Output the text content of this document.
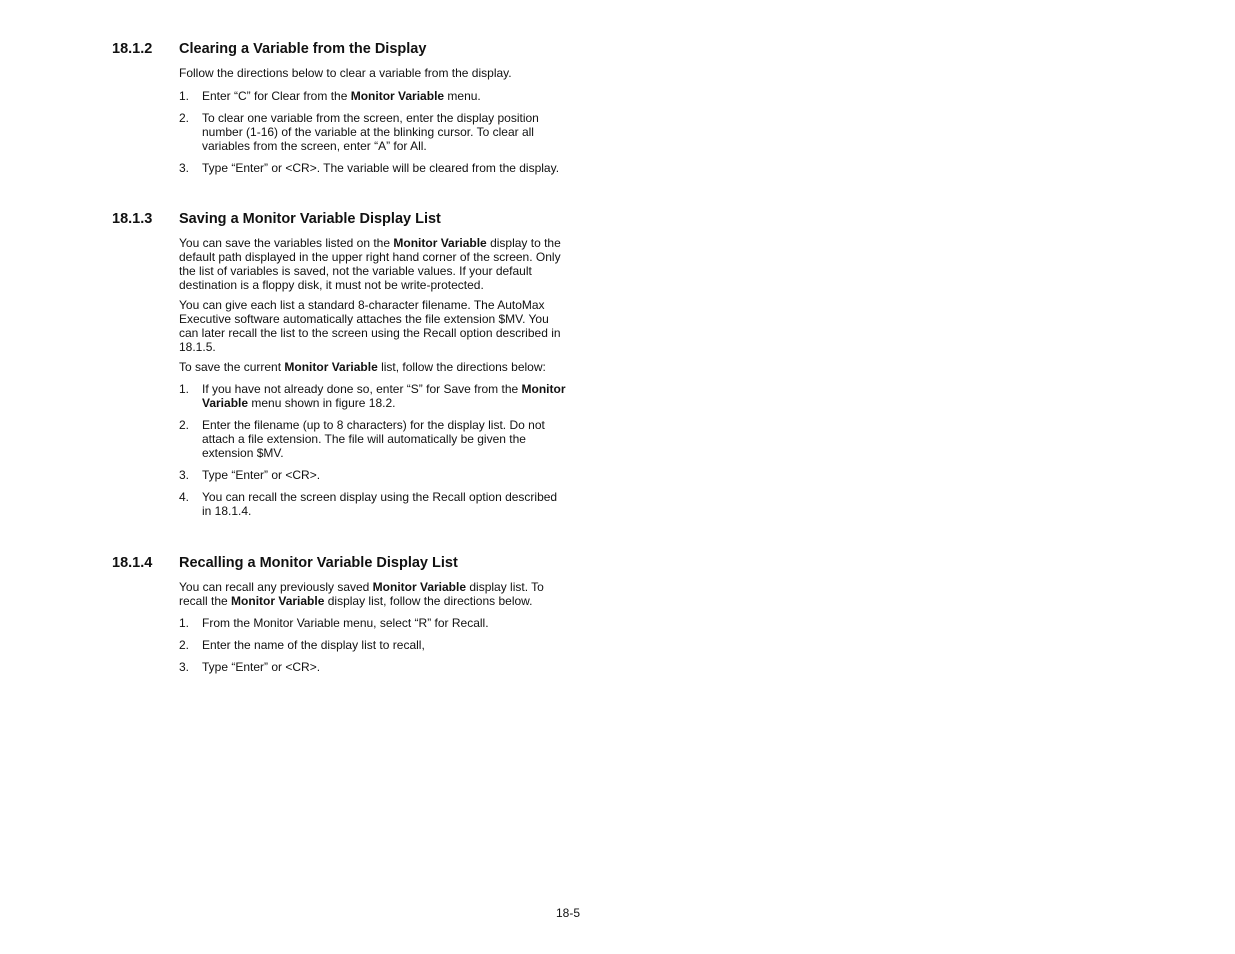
18.1.2 Clearing a Variable from the Display

Follow the directions below to clear a variable from the display.

1. Enter “C” for Clear from the Monitor Variable menu.
2. To clear one variable from the screen, enter the display position number (1-16) of the variable at the blinking cursor. To clear all variables from the screen, enter “A” for All.
3. Type “Enter” or <CR>. The variable will be cleared from the display.
18.1.3 Saving a Monitor Variable Display List

You can save the variables listed on the Monitor Variable display to the default path displayed in the upper right hand corner of the screen. Only the list of variables is saved, not the variable values. If your default destination is a floppy disk, it must not be write-protected.

You can give each list a standard 8-character filename. The AutoMax Executive software automatically attaches the file extension $MV. You can later recall the list to the screen using the Recall option described in 18.1.5.

To save the current Monitor Variable list, follow the directions below:

1. If you have not already done so, enter “S” for Save from the Monitor Variable menu shown in figure 18.2.
2. Enter the filename (up to 8 characters) for the display list. Do not attach a file extension. The file will automatically be given the extension $MV.
3. Type “Enter” or <CR>.
4. You can recall the screen display using the Recall option described in 18.1.4.
18.1.4 Recalling a Monitor Variable Display List

You can recall any previously saved Monitor Variable display list. To recall the Monitor Variable display list, follow the directions below.

1. From the Monitor Variable menu, select “R” for Recall.
2. Enter the name of the display list to recall,
3. Type “Enter” or <CR>.
18-5
